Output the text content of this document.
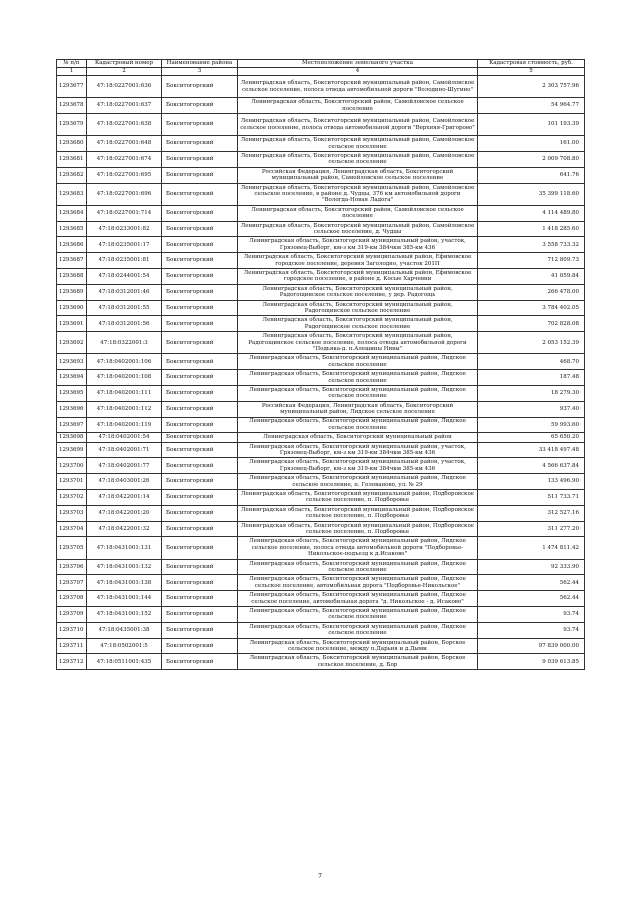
№ п/п	Кадастровый номер	Наименование района	Местоположение земельного участка	Кадастровая стоимость, руб.
1	2	3	4	5
1293677	47:18:0227001:636	Бокситогорский	Ленинградская область, Бокситогорский муниципальный район, Самойловское сельское поселение, полоса отвода автомобильной дороги "Володино-Шугино"	2 303 757.96
1293678	47:18:0227001:637	Бокситогорский	Ленинградская область, Бокситогорский район, Самойловское сельское поселение	54 964.77
1293679	47:18:0227001:638	Бокситогорский	Ленинградская область, Бокситогорский муниципальный район, Самойловское сельское поселение, полоса отвода автомобильной дороги "Верхняя-Григорово"	101 193.39
1293680	47:18:0227001:648	Бокситогорский	Ленинградская область, Бокситогорский муниципальный район, Самойловское сельское поселение	161.00
1293681	47:18:0227001:674	Бокситогорский	Ленинградская область, Бокситогорский муниципальный район, Самойловское сельское поселение	2 009 708.80
1293682	47:18:0227001:695	Бокситогорский	Российская Федерация, Ленинградская область, Бокситогорский муниципальный район, Самойловское сельское поселение	641.76
1293683	47:18:0227001:696	Бокситогорский	Ленинградская область, Бокситогорский муниципальный район, Самойловское сельское поселение, в районе д. Чудцы, 376 км автомобильной дороги "Вологда-Новая Ладога"	35 399 118.60
1293684	47:18:0227001:714	Бокситогорский	Ленинградская область, Бокситогорский район, Самойловское сельское поселение	4 114 489.80
1293685	47:18:0233001:82	Бокситогорский	Ленинградская область, Бокситогорский муниципальный район, Самойловское сельское поселение, д. Чудцы	1 418 285.60
1293686	47:18:0235001:17	Бокситогорский	Ленинградская область, Бокситогорский муниципальный район, участок, Грязовец-Выборг, км-з км 319-км 384чкм 385-км 436	3 558 733.32
1293687	47:18:0235001:81	Бокситогорский	Ленинградская область, Бокситогорский муниципальный район, Ефимовское городское поселение, деревня Заголодно, участок 201П	712 809.73
1293688	47:18:0244001:54	Бокситогорский	Ленинградская область, Бокситогорский муниципальный район, Ефимовское городское поселение, в районе д. Косые Харчевни	41 059.84
1293689	47:18:0312001:46	Бокситогорский	Ленинградская область, Бокситогорский муниципальный район, Радогощинское сельское поселение, у дер. Радогощь	266 478.00
1293690	47:18:0312001:55	Бокситогорский	Ленинградская область, Бокситогорский муниципальный район, Радогощинское сельское поселение	3 784 402.05
1293691	47:18:0312001:56	Бокситогорский	Ленинградская область, Бокситогорский муниципальный район, Радогощинское сельское поселение	702 828.08
1293692	47:18:0322001:3	Бокситогорский	Ленинградская область, Бокситогорский муниципальный район, Радогощинское сельское поселение, полоса отвода автомобильной дороги "Подьяка-д. п.Алешины Нивы"	2 053 152.39
1293693	47:18:0402001:106	Бокситогорский	Ленинградская область, Бокситогорский муниципальный район, Лидское сельское поселение	468.70
1293694	47:18:0402001:108	Бокситогорский	Ленинградская область, Бокситогорский муниципальный район, Лидское сельское поселение	187.48
1293695	47:18:0402001:111	Бокситогорский	Ленинградская область, Бокситогорский муниципальный район, Лидское сельское поселение	18 279.30
1293696	47:18:0402001:112	Бокситогорский	Российская Федерация, Ленинградская область, Бокситогорский муниципальный район, Лидское сельское поселение	937.40
1293697	47:18:0402001:119	Бокситогорский	Ленинградская область, Бокситогорский муниципальный район, Лидское сельское поселение	59 993.60
1293698	47:18:0402001:54	Бокситогорский	Ленинградская область, Бокситогорский муниципальный район	65 650.20
1293699	47:18:0402001:71	Бокситогорский	Ленинградская область, Бокситогорский муниципальный район, участок, Грязовец-Выборг, км-з км 319-км 384чкм 385-км 436	33 418 497.48
1293700	47:18:0402001:77	Бокситогорский	Ленинградская область, Бокситогорский муниципальный район, участок, Грязовец-Выборг, км-з км 319-км 384чкм 385-км 436	4 566 637.84
1293701	47:18:0403001:26	Бокситогорский	Ленинградская область, Бокситогорский муниципальный район, Лидское сельское поселение, п. Голованово, ул. № 29	133 496.90
1293702	47:18:0422001:14	Бокситогорский	Ленинградская область, Бокситогорский муниципальный район, Подборовское сельское поселение, п. Подборовье	511 733.71
1293703	47:18:0422001:20	Бокситогорский	Ленинградская область, Бокситогорский муниципальный район, Подборовское сельское поселение, п. Подборовье	312 527.16
1293704	47:18:0422001:32	Бокситогорский	Ленинградская область, Бокситогорский муниципальный район, Подборовское сельское поселение, п. Подборовье	311 277.20
1293705	47:18:0431001:131	Бокситогорский	Ленинградская область, Бокситогорский муниципальный район, Лидское сельское поселение, полоса отвода автомобильной дороги "Подборовье-Никольское-подъезд к д.Исаково"	1 474 811.42
1293706	47:18:0431001:132	Бокситогорский	Ленинградская область, Бокситогорский муниципальный район, Лидское сельское поселение	92 333.90
1293707	47:18:0431001:138	Бокситогорский	Ленинградская область, Бокситогорский муниципальный район, Лидское сельское поселение, автомобильная дорога "Подборовье-Никольское"	562.44
1293708	47:18:0431001:144	Бокситогорский	Ленинградская область, Бокситогорский муниципальный район, Лидское сельское поселение, автомобильная дорога "д. Никольское - д. Исаково"	562.44
1293709	47:18:0431001:152	Бокситогорский	Ленинградская область, Бокситогорский муниципальный район, Лидское сельское поселение	93.74
1293710	47:18:0435001:38	Бокситогорский	Ленинградская область, Бокситогорский муниципальный район, Лидское сельское поселение	93.74
1293711	47:18:0502001:5	Бокситогорский	Ленинградская область, Бокситогорский муниципальный район, Борское сельское поселение, между п.Дарьня и д.Дыми	97 839 000.00
1293712	47:18:0511001:435	Бокситогорский	Ленинградская область, Бокситогорский муниципальный район, Борское сельское поселение, д. Бор	9 039 613.85
7
